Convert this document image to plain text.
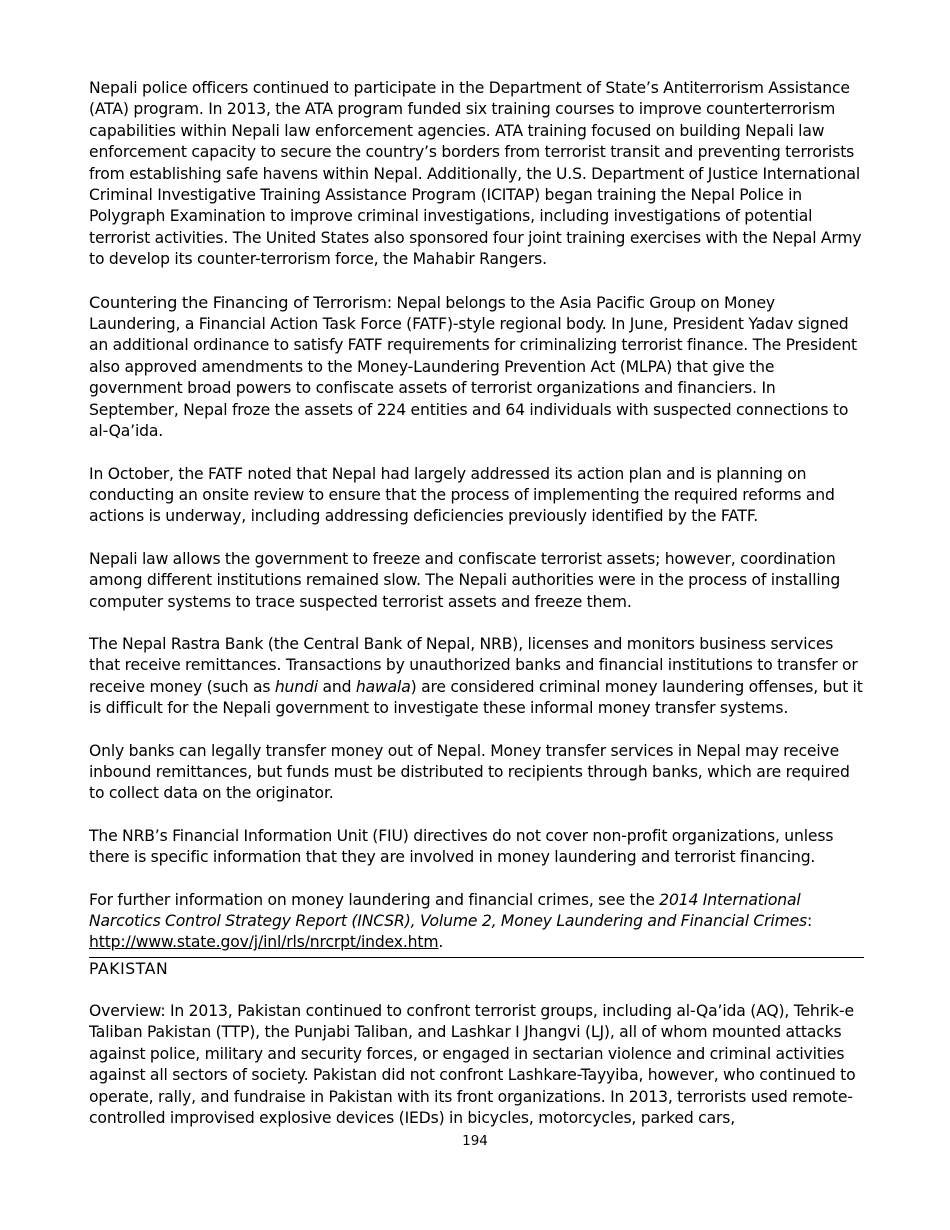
Nepali police officers continued to participate in the Department of State’s Antiterrorism Assistance (ATA) program. In 2013, the ATA program funded six training courses to improve counterterrorism capabilities within Nepali law enforcement agencies. ATA training focused on building Nepali law enforcement capacity to secure the country’s borders from terrorist transit and preventing terrorists from establishing safe havens within Nepal. Additionally, the U.S. Department of Justice International Criminal Investigative Training Assistance Program (ICITAP) began training the Nepal Police in Polygraph Examination to improve criminal investigations, including investigations of potential terrorist activities. The United States also sponsored four joint training exercises with the Nepal Army to develop its counter-terrorism force, the Mahabir Rangers.

Countering the Financing of Terrorism: Nepal belongs to the Asia Pacific Group on Money Laundering, a Financial Action Task Force (FATF)-style regional body. In June, President Yadav signed an additional ordinance to satisfy FATF requirements for criminalizing terrorist finance. The President also approved amendments to the Money-Laundering Prevention Act (MLPA) that give the government broad powers to confiscate assets of terrorist organizations and financiers. In September, Nepal froze the assets of 224 entities and 64 individuals with suspected connections to al-Qa’ida.

In October, the FATF noted that Nepal had largely addressed its action plan and is planning on conducting an onsite review to ensure that the process of implementing the required reforms and actions is underway, including addressing deficiencies previously identified by the FATF.

Nepali law allows the government to freeze and confiscate terrorist assets; however, coordination among different institutions remained slow. The Nepali authorities were in the process of installing computer systems to trace suspected terrorist assets and freeze them.

The Nepal Rastra Bank (the Central Bank of Nepal, NRB), licenses and monitors business services that receive remittances. Transactions by unauthorized banks and financial institutions to transfer or receive money (such as hundi and hawala) are considered criminal money laundering offenses, but it is difficult for the Nepali government to investigate these informal money transfer systems.

Only banks can legally transfer money out of Nepal. Money transfer services in Nepal may receive inbound remittances, but funds must be distributed to recipients through banks, which are required to collect data on the originator.

The NRB’s Financial Information Unit (FIU) directives do not cover non-profit organizations, unless there is specific information that they are involved in money laundering and terrorist financing.

For further information on money laundering and financial crimes, see the 2014 International Narcotics Control Strategy Report (INCSR), Volume 2, Money Laundering and Financial Crimes:
http://www.state.gov/j/inl/rls/nrcrpt/index.htm.

PAKISTAN

Overview: In 2013, Pakistan continued to confront terrorist groups, including al-Qa’ida (AQ), Tehrik-e Taliban Pakistan (TTP), the Punjabi Taliban, and Lashkar I Jhangvi (LJ), all of whom mounted attacks against police, military and security forces, or engaged in sectarian violence and criminal activities against all sectors of society. Pakistan did not confront Lashkare-Tayyiba, however, who continued to operate, rally, and fundraise in Pakistan with its front organizations. In 2013, terrorists used remote-controlled improvised explosive devices (IEDs) in bicycles, motorcycles, parked cars,

194
